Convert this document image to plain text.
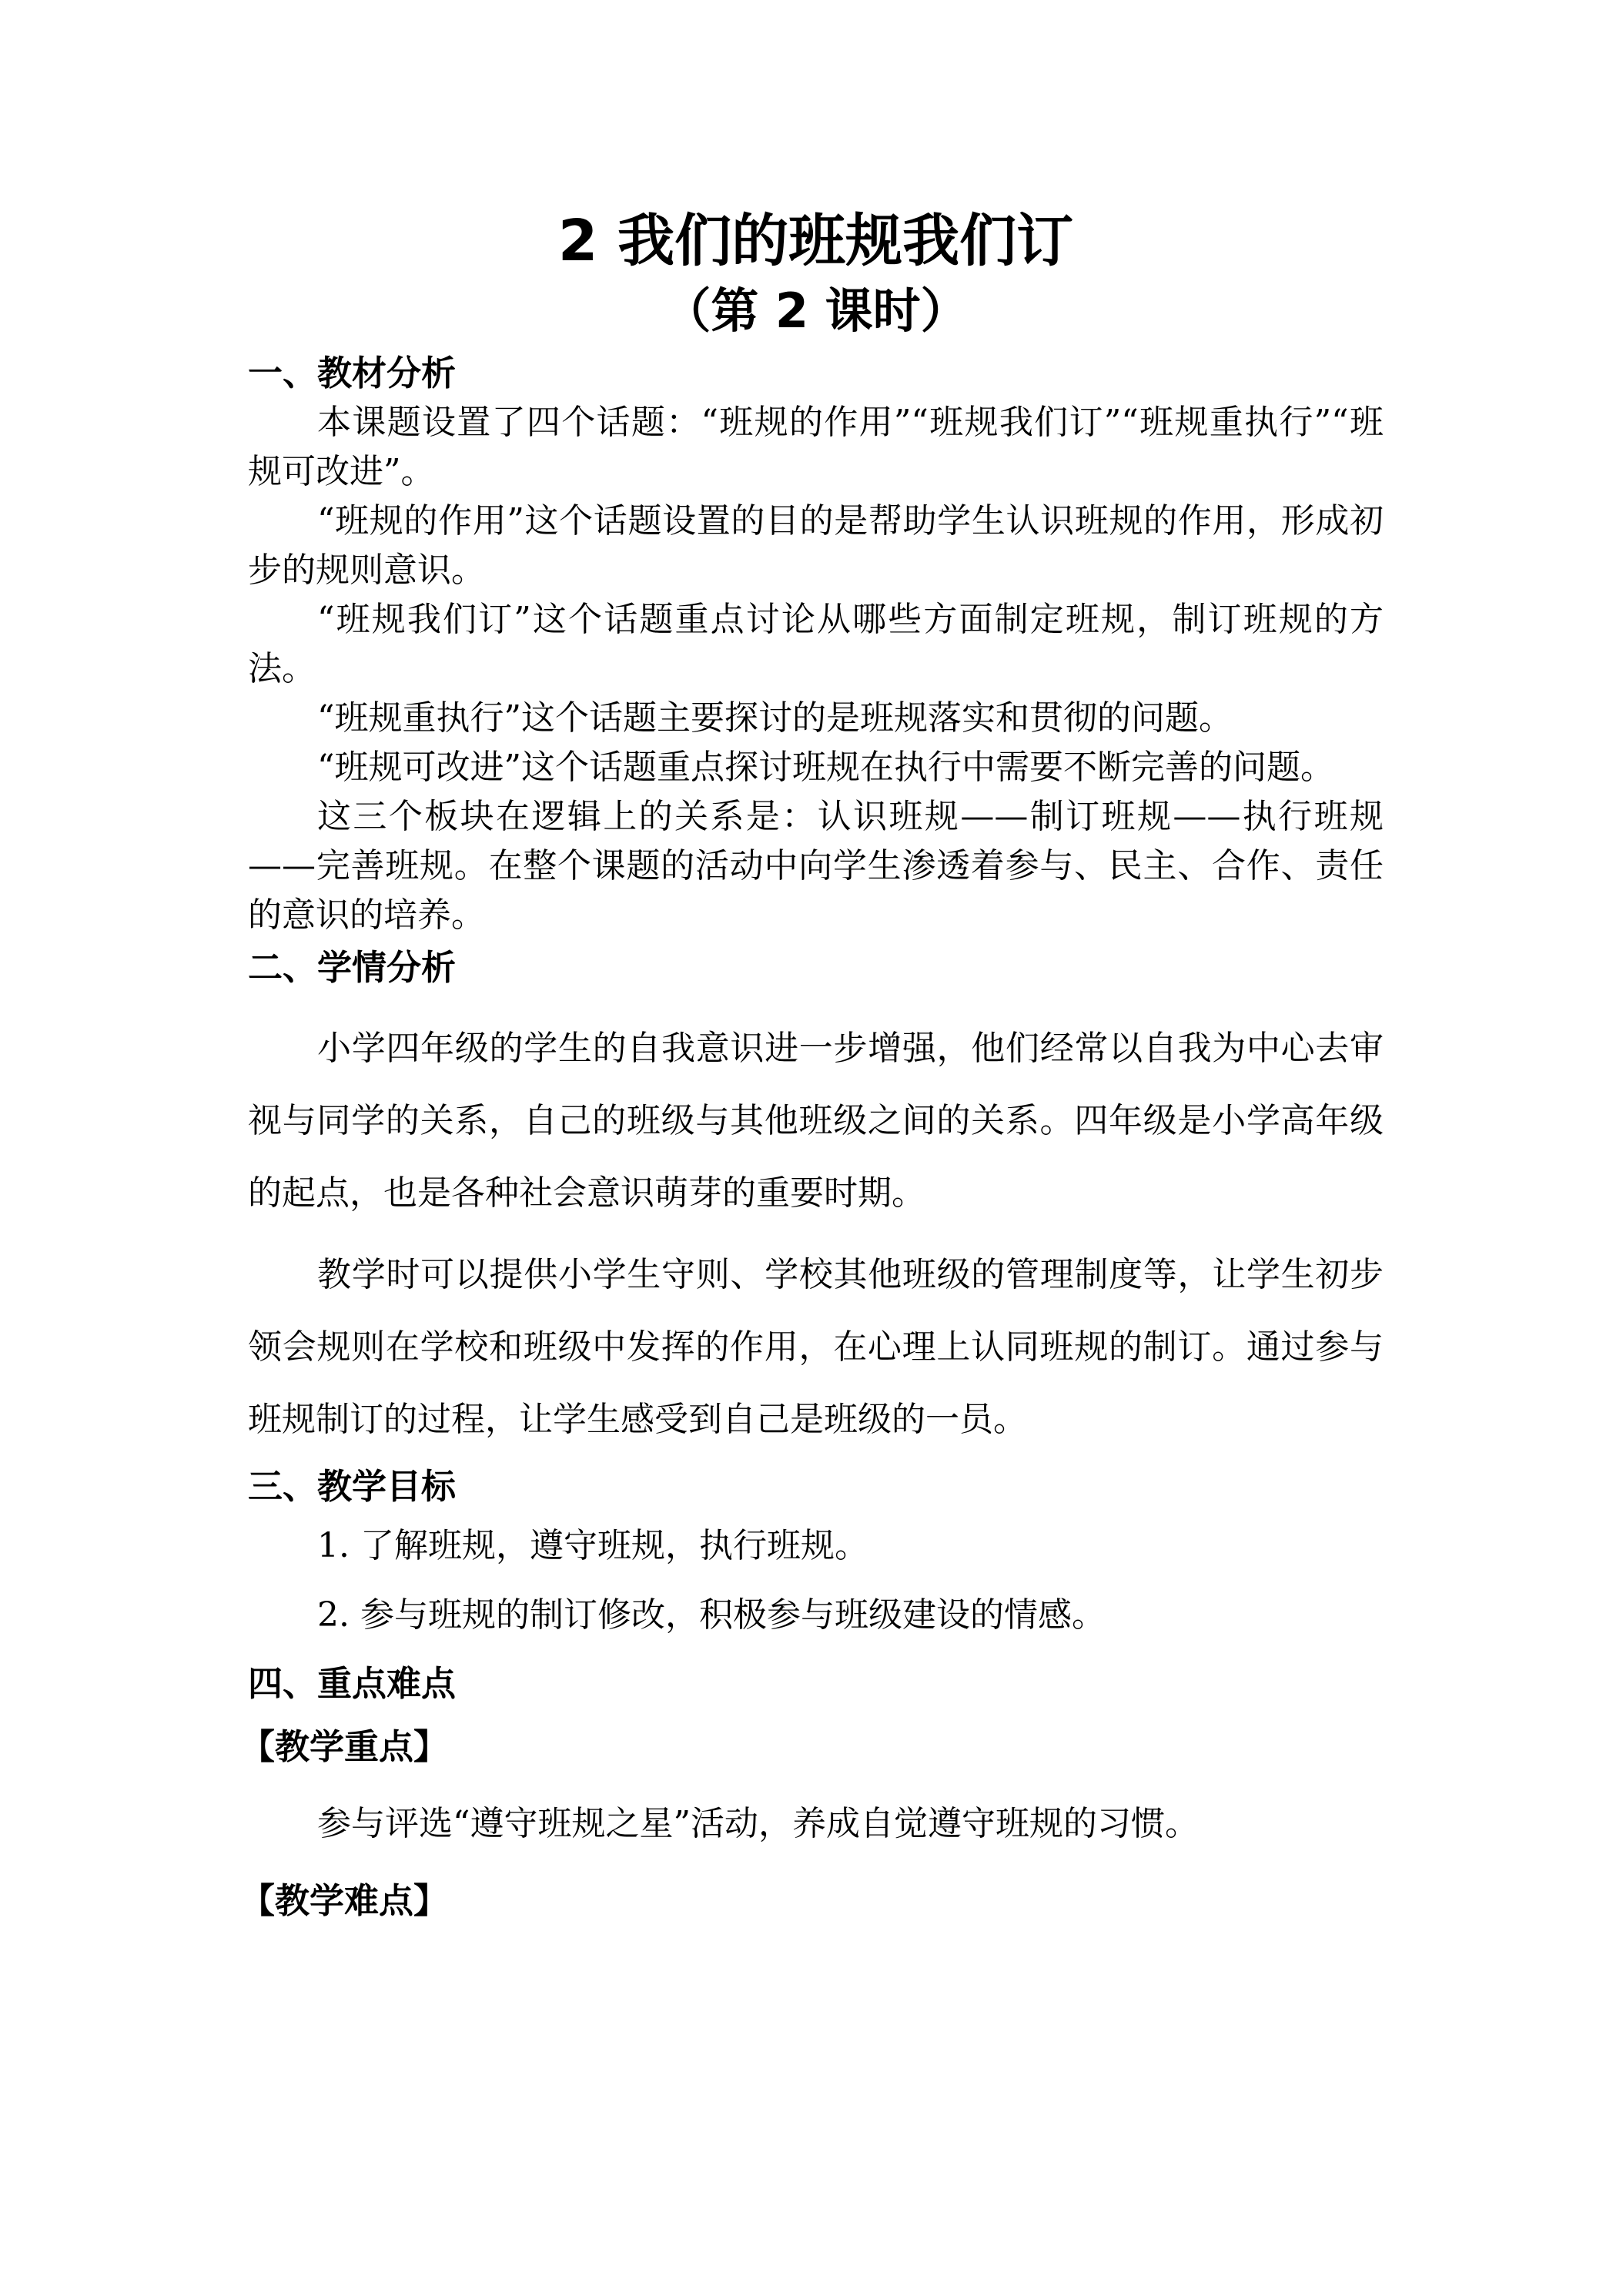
2 我们的班规我们订
（第 2 课时）
一、教材分析

本课题设置了四个话题：“班规的作用”“班规我们订”“班规重执行”“班规可改进”。

“班规的作用”这个话题设置的目的是帮助学生认识班规的作用，形成初步的规则意识。

“班规我们订”这个话题重点讨论从哪些方面制定班规，制订班规的方法。

“班规重执行”这个话题主要探讨的是班规落实和贯彻的问题。

“班规可改进”这个话题重点探讨班规在执行中需要不断完善的问题。

这三个板块在逻辑上的关系是：认识班规——制订班规——执行班规——完善班规。在整个课题的活动中向学生渗透着参与、民主、合作、责任的意识的培养。

二、学情分析

小学四年级的学生的自我意识进一步增强，他们经常以自我为中心去审视与同学的关系，自己的班级与其他班级之间的关系。四年级是小学高年级的起点，也是各种社会意识萌芽的重要时期。

教学时可以提供小学生守则、学校其他班级的管理制度等，让学生初步领会规则在学校和班级中发挥的作用，在心理上认同班规的制订。通过参与班规制订的过程，让学生感受到自己是班级的一员。

三、教学目标

1. 了解班规，遵守班规，执行班规。

2. 参与班规的制订修改，积极参与班级建设的情感。

四、重点难点
【教学重点】

参与评选“遵守班规之星”活动，养成自觉遵守班规的习惯。

【教学难点】
